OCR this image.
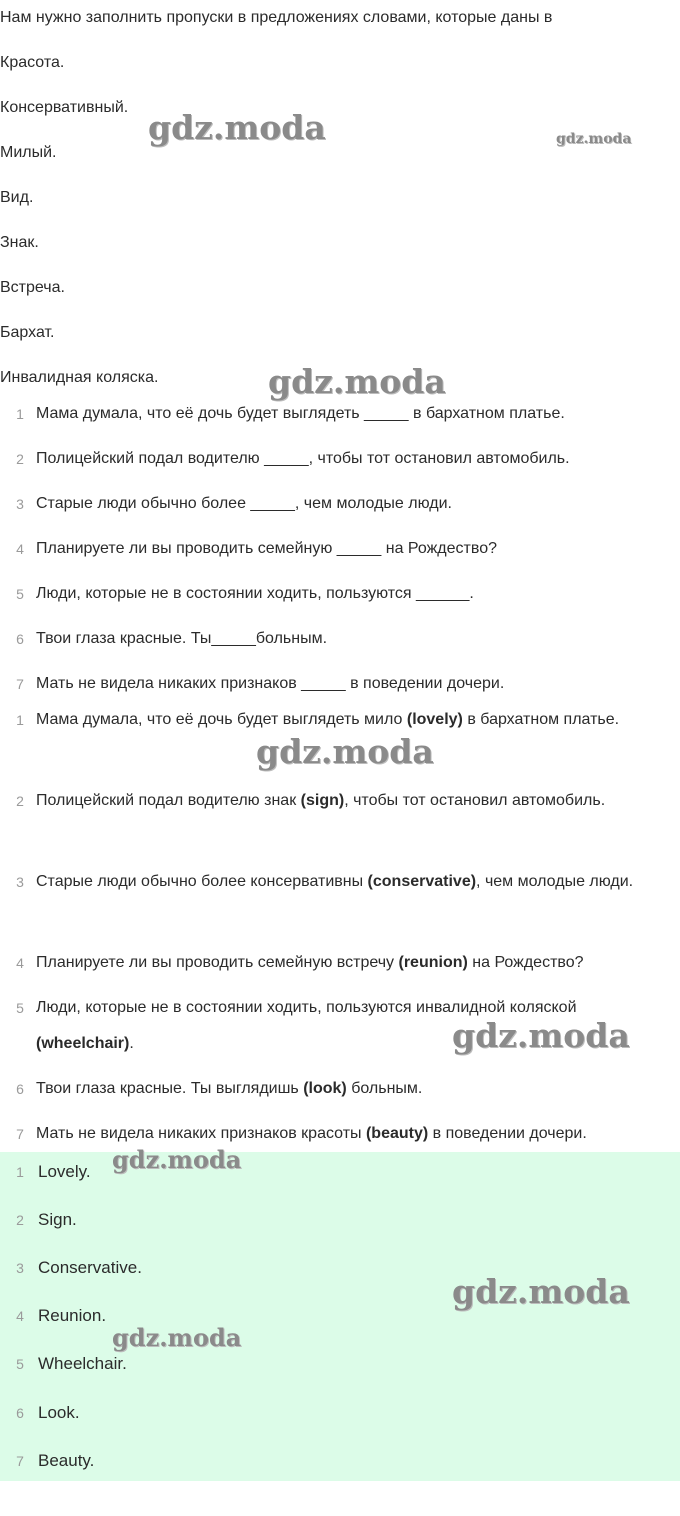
Нам нужно заполнить пропуски в предложениях словами, которые даны в
Красота.
Консервативный.
Милый.
Вид.
Знак.
Встреча.
Бархат.
Инвалидная коляска.
1 Мама думала, что её дочь будет выглядеть _____ в бархатном платье.
2 Полицейский подал водителю _____, чтобы тот остановил автомобиль.
3 Старые люди обычно более _____, чем молодые люди.
4 Планируете ли вы проводить семейную _____ на Рождество?
5 Люди, которые не в состоянии ходить, пользуются ______.
6 Твои глаза красные. Ты_____больным.
7 Мать не видела никаких признаков _____ в поведении дочери.
1 Мама думала, что её дочь будет выглядеть мило (lovely) в бархатном платье.
2 Полицейский подал водителю знак (sign), чтобы тот остановил автомобиль.
3 Старые люди обычно более консервативны (conservative), чем молодые люди.
4 Планируете ли вы проводить семейную встречу (reunion) на Рождество?
5 Люди, которые не в состоянии ходить, пользуются инвалидной коляской (wheelchair).
6 Твои глаза красные. Ты выглядишь (look) больным.
7 Мать не видела никаких признаков красоты (beauty) в поведении дочери.
1 Lovely.
2 Sign.
3 Conservative.
4 Reunion.
5 Wheelchair.
6 Look.
7 Beauty.
gdz.moda	gdz.moda
gdz.moda
gdz.moda
gdz.moda
gdz.moda
gdz.moda
gdz.moda
